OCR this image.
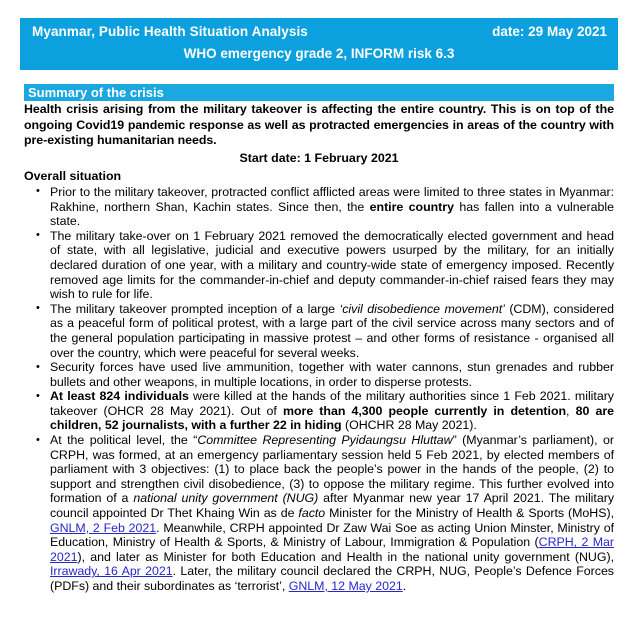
Myanmar, Public Health Situation Analysis	date: 29 May 2021
WHO emergency grade 2, INFORM risk 6.3
Summary of the crisis

Health crisis arising from the military takeover is affecting the entire country. This is on top of the ongoing Covid19 pandemic response as well as protracted emergencies in areas of the country with pre-existing humanitarian needs.

Start date: 1 February 2021

Overall situation

• Prior to the military takeover, protracted conflict afflicted areas were limited to three states in Myanmar: Rakhine, northern Shan, Kachin states. Since then, the entire country has fallen into a vulnerable state.
• The military take-over on 1 February 2021 removed the democratically elected government and head of state, with all legislative, judicial and executive powers usurped by the military, for an initially declared duration of one year, with a military and country-wide state of emergency imposed. Recently removed age limits for the commander-in-chief and deputy commander-in-chief raised fears they may wish to rule for life.
• The military takeover prompted inception of a large ‘civil disobedience movement’ (CDM), considered as a peaceful form of political protest, with a large part of the civil service across many sectors and of the general population participating in massive protest – and other forms of resistance - organised all over the country, which were peaceful for several weeks.
• Security forces have used live ammunition, together with water cannons, stun grenades and rubber bullets and other weapons, in multiple locations, in order to disperse protests.
• At least 824 individuals were killed at the hands of the military authorities since 1 Feb 2021. military takeover (OHCR 28 May 2021). Out of more than 4,300 people currently in detention, 80 are children, 52 journalists, with a further 22 in hiding (OHCHR 28 May 2021).
• At the political level, the “Committee Representing Pyidaungsu Hluttaw” (Myanmar’s parliament), or CRPH, was formed, at an emergency parliamentary session held 5 Feb 2021, by elected members of parliament with 3 objectives: (1) to place back the people’s power in the hands of the people, (2) to support and strengthen civil disobedience, (3) to oppose the military regime. This further evolved into formation of a national unity government (NUG) after Myanmar new year 17 April 2021. The military council appointed Dr Thet Khaing Win as de facto Minister for the Ministry of Health & Sports (MoHS), GNLM, 2 Feb 2021. Meanwhile, CRPH appointed Dr Zaw Wai Soe as acting Union Minster, Ministry of Education, Ministry of Health & Sports, & Ministry of Labour, Immigration & Population (CRPH, 2 Mar 2021), and later as Minister for both Education and Health in the national unity government (NUG), Irrawady, 16 Apr 2021. Later, the military council declared the CRPH, NUG, People’s Defence Forces (PDFs) and their subordinates as ‘terrorist’, GNLM, 12 May 2021.
